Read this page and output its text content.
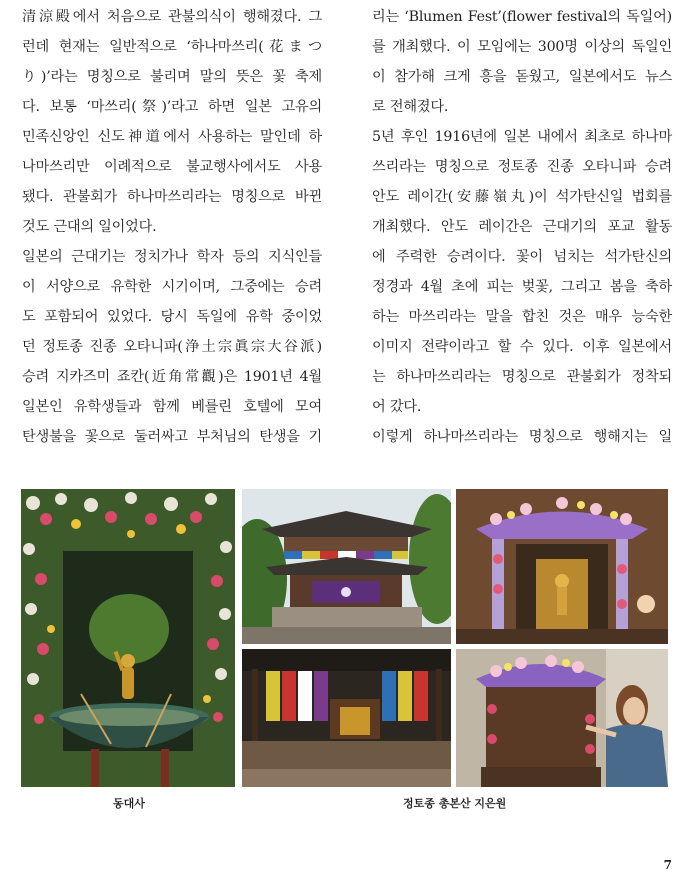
清涼殿에서 처음으로 관불의식이 행해졌다. 그
런데 현재는 일반적으로 ‘하나마쓰리(花まつ
り)’라는 명칭으로 불리며 말의 뜻은 꽃 축제
다. 보통 ‘마쓰리(祭)’라고 하면 일본 고유의
민족신앙인 신도神道에서 사용하는 말인데 하
나마쓰리만 이례적으로 불교행사에서도 사용
됐다. 관불회가 하나마쓰리라는 명칭으로 바뀐
것도 근대의 일이었다.
일본의 근대기는 정치가나 학자 등의 지식인들
이 서양으로 유학한 시기이며, 그중에는 승려
도 포함되어 있었다. 당시 독일에 유학 중이었
던 정토종 진종 오타니파(浄土宗眞宗大谷派)
승려 지카즈미 죠칸(近角常觀)은 1901년 4월
일본인 유학생들과 함께 베를린 호텔에 모여
탄생불을 꽃으로 둘러싸고 부처님의 탄생을 기
리는 ‘Blumen Fest’(flower festival의 독일어)
를 개최했다. 이 모임에는 300명 이상의 독일인
이 참가해 크게 흥을 돋웠고, 일본에서도 뉴스
로 전해졌다.
5년 후인 1916년에 일본 내에서 최초로 하나마
쓰리라는 명칭으로 정토종 진종 오타니파 승려
안도 레이간(安藤嶺丸)이 석가탄신일 법회를
개최했다. 안도 레이간은 근대기의 포교 활동
에 주력한 승려이다. 꽃이 넘치는 석가탄신의
정경과 4월 초에 피는 벚꽃, 그리고 봄을 축하
하는 마쓰리라는 말을 합친 것은 매우 능숙한
이미지 전략이라고 할 수 있다. 이후 일본에서
는 하나마쓰리라는 명칭으로 관불회가 정착되
어 갔다.
이렇게 하나마쓰리라는 명칭으로 행해지는 일
동대사	정토종 총본산 지은원
7
